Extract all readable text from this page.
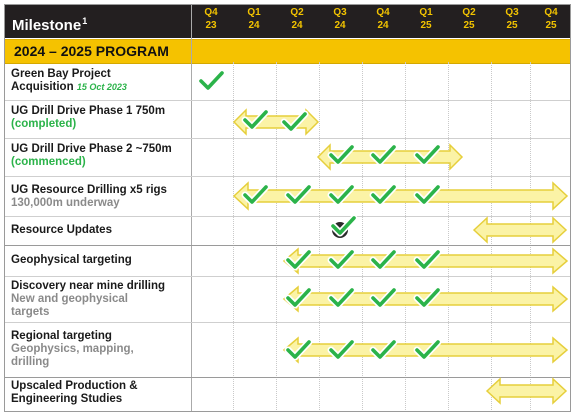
Milestone$^1$
Q4
23
Q1
24
Q2
24
Q3
24
Q4
24
Q1
25
Q2
25
Q3
25
Q4
25
2024 – 2025 PROGRAM
Green Bay Project
Acquisition 15 Oct 2023
UG Drill Drive Phase 1 750m
(completed)
UG Drill Drive Phase 2 ~750m
(commenced)
UG Resource Drilling x5 rigs
130,000m underway
Resource Updates
Geophysical targeting
Discovery near mine drilling
New and geophysical
targets
Regional targeting
Geophysics, mapping,
drilling
Upscaled Production &
Engineering Studies
